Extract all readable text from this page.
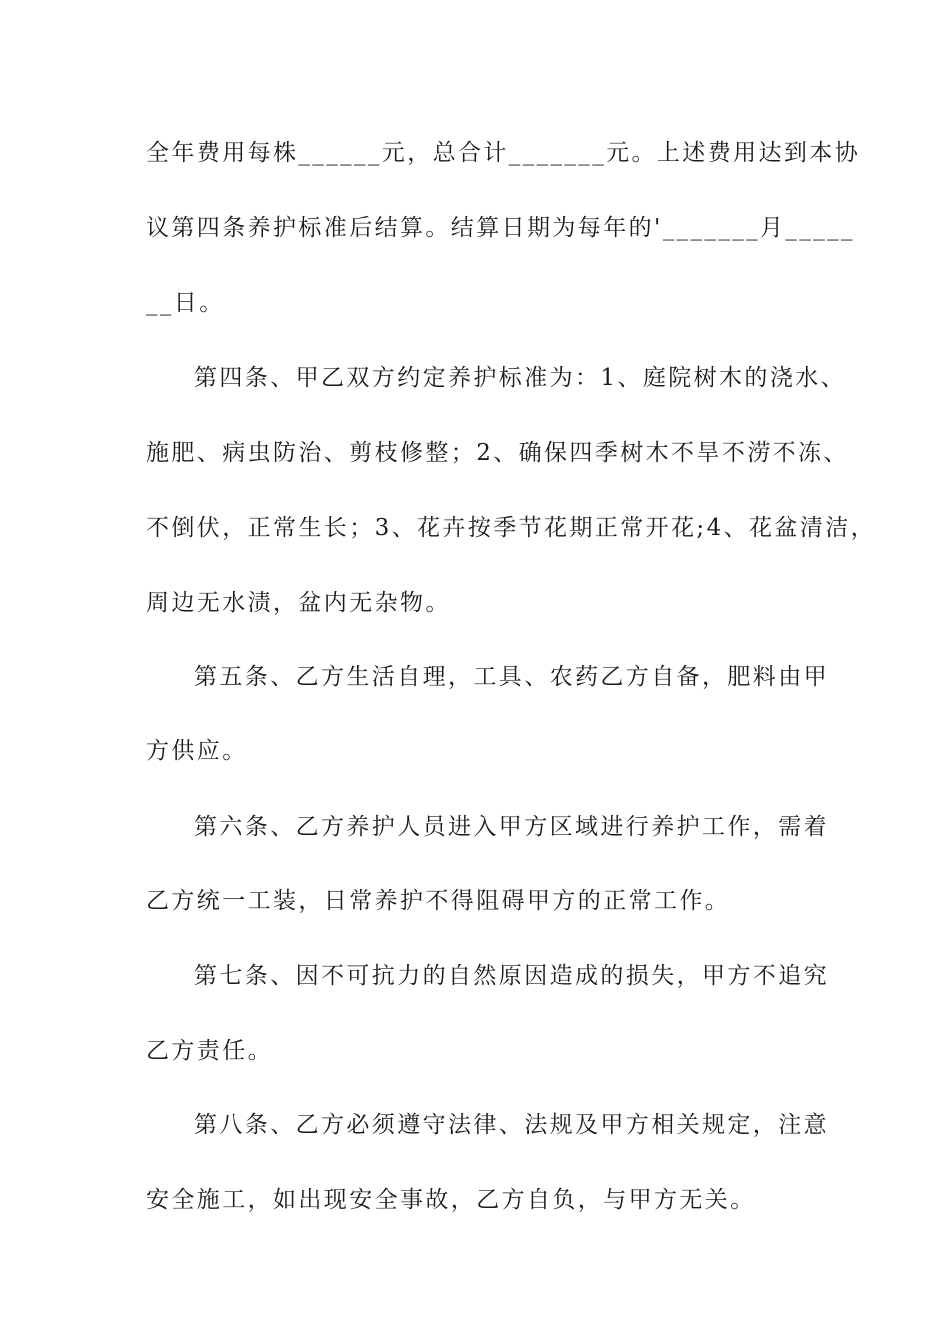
全年费用每株______元，总合计_______元。上述费用达到本协
议第四条养护标准后结算。结算日期为每年的'_______月_____
__日。
第四条、甲乙双方约定养护标准为：1、庭院树木的浇水、
施肥、病虫防治、剪枝修整；2、确保四季树木不旱不涝不冻、
不倒伏，正常生长；3、花卉按季节花期正常开花;4、花盆清洁，
周边无水渍，盆内无杂物。
第五条、乙方生活自理，工具、农药乙方自备，肥料由甲
方供应。
第六条、乙方养护人员进入甲方区域进行养护工作，需着
乙方统一工装，日常养护不得阻碍甲方的正常工作。
第七条、因不可抗力的自然原因造成的损失，甲方不追究
乙方责任。
第八条、乙方必须遵守法律、法规及甲方相关规定，注意
安全施工，如出现安全事故，乙方自负，与甲方无关。
